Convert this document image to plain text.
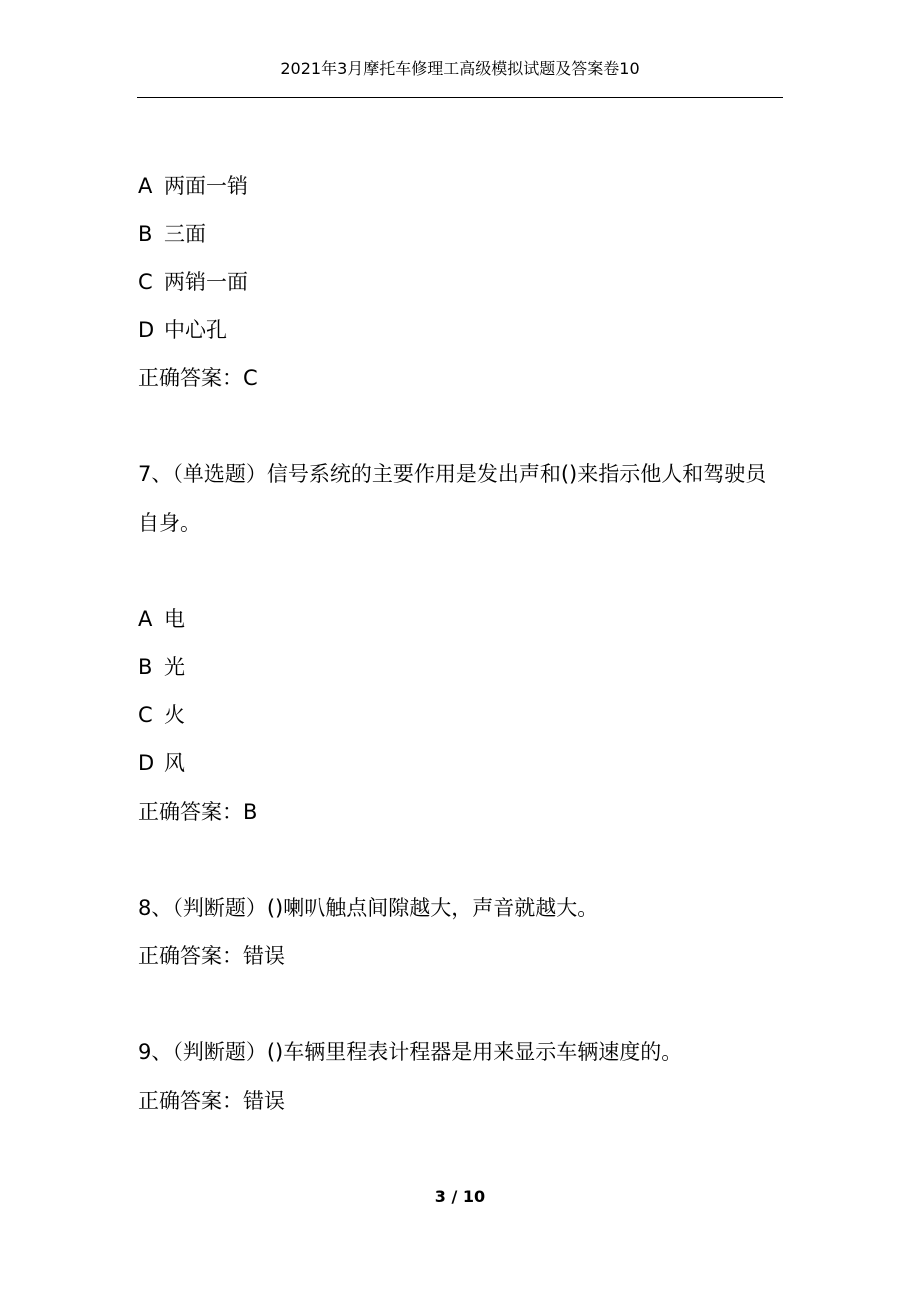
2021年3月摩托车修理工高级模拟试题及答案卷10
A 两面一销
B 三面
C 两销一面
D 中心孔
正确答案：C
7、（单选题）信号系统的主要作用是发出声和()来指示他人和驾驶员
自身。
A 电
B 光
C 火
D 风
正确答案：B
8、（判断题）()喇叭触点间隙越大，声音就越大。
正确答案：错误
9、（判断题）()车辆里程表计程器是用来显示车辆速度的。
正确答案：错误
3 / 10
